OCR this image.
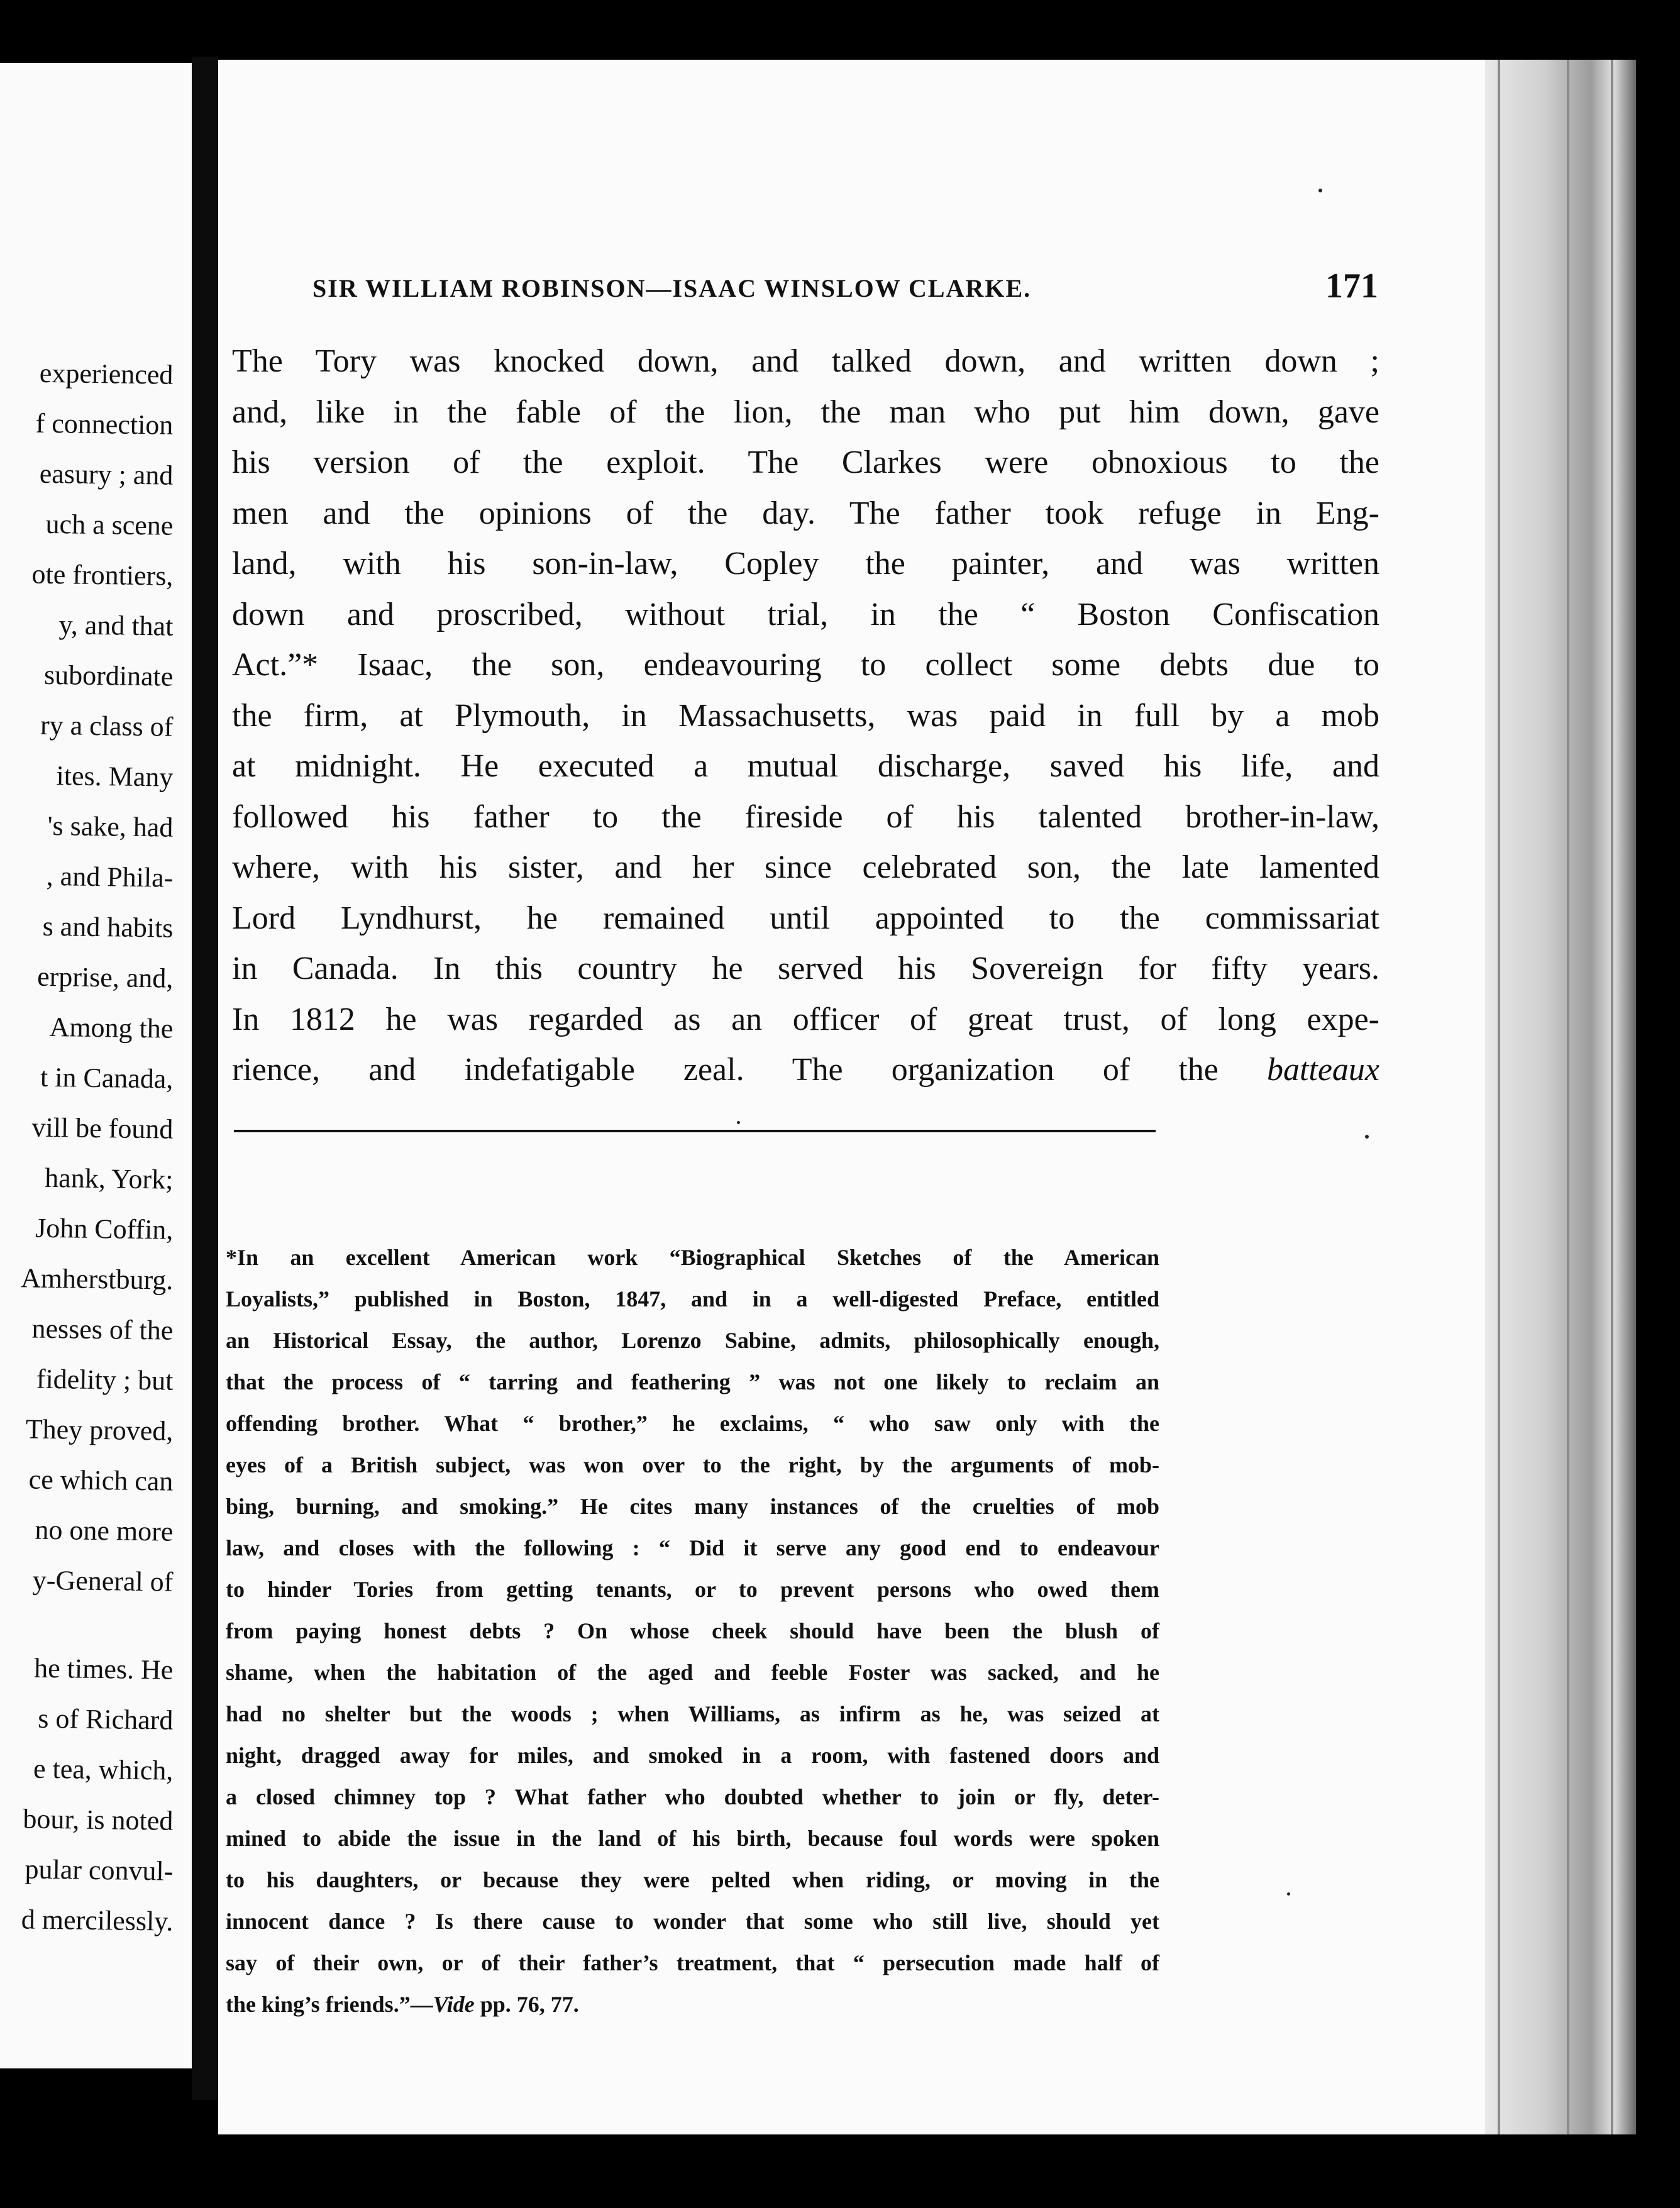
experienced
f connection
easury ; and
uch a scene
ote frontiers,
y, and that
subordinate
ry a class of
ites. Many
's sake, had
, and Phila-
s and habits
erprise, and,
Among the
t in Canada,
vill be found
hank, York;
John Coffin,
Amherstburg.
nesses of the
fidelity ; but
They proved,
ce which can
no one more
y-General of
he times. He
s of Richard
e tea, which,
bour, is noted
pular convul-
d mercilessly.
SIR WILLIAM ROBINSON—ISAAC WINSLOW CLARKE.	171
The Tory was knocked down, and talked down, and written down ;
and, like in the fable of the lion, the man who put him down, gave
his version of the exploit. The Clarkes were obnoxious to the
men and the opinions of the day. The father took refuge in Eng-
land, with his son-in-law, Copley the painter, and was written
down and proscribed, without trial, in the “ Boston Confiscation
Act.”* Isaac, the son, endeavouring to collect some debts due to
the firm, at Plymouth, in Massachusetts, was paid in full by a mob
at midnight. He executed a mutual discharge, saved his life, and
followed his father to the fireside of his talented brother-in-law,
where, with his sister, and her since celebrated son, the late lamented
Lord Lyndhurst, he remained until appointed to the commissariat
in Canada. In this country he served his Sovereign for fifty years.
In 1812 he was regarded as an officer of great trust, of long expe-
rience, and indefatigable zeal. The organization of the batteaux
*In an excellent American work “Biographical Sketches of the American
Loyalists,” published in Boston, 1847, and in a well-digested Preface, entitled
an Historical Essay, the author, Lorenzo Sabine, admits, philosophically enough,
that the process of “ tarring and feathering ” was not one likely to reclaim an
offending brother. What “ brother,” he exclaims, “ who saw only with the
eyes of a British subject, was won over to the right, by the arguments of mob-
bing, burning, and smoking.” He cites many instances of the cruelties of mob
law, and closes with the following : “ Did it serve any good end to endeavour
to hinder Tories from getting tenants, or to prevent persons who owed them
from paying honest debts ? On whose cheek should have been the blush of
shame, when the habitation of the aged and feeble Foster was sacked, and he
had no shelter but the woods ; when Williams, as infirm as he, was seized at
night, dragged away for miles, and smoked in a room, with fastened doors and
a closed chimney top ? What father who doubted whether to join or fly, deter-
mined to abide the issue in the land of his birth, because foul words were spoken
to his daughters, or because they were pelted when riding, or moving in the
innocent dance ? Is there cause to wonder that some who still live, should yet
say of their own, or of their father’s treatment, that “ persecution made half of
the king’s friends.”—Vide pp. 76, 77.
